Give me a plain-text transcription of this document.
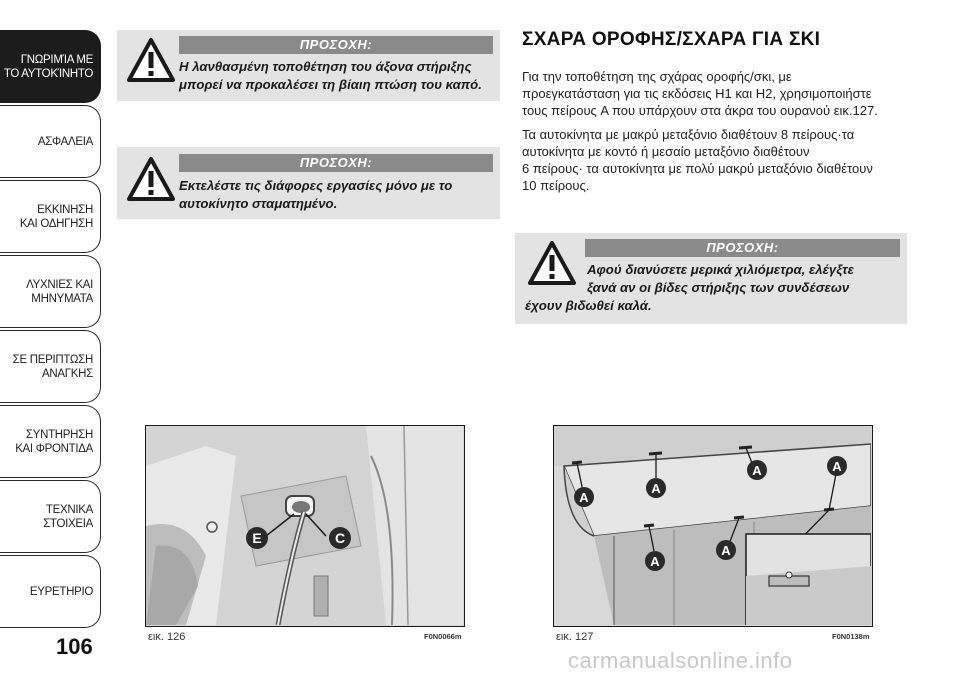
ΓΝΩΡΙΜΊΑ ΜΕ
ΤΟ ΑΥΤΟΚΊΝΗΤΟ
ΑΣΦΑΛΕΙΑ
ΕΚΚΙΝΗΣΗ
ΚΑΙ ΟΔΗΓΗΣΗ
ΛΥΧΝΙΕΣ ΚΑΙ
ΜΗΝΥΜΑΤΑ
ΣΕ ΠΕΡΙΠΤΩΣΗ
ΑΝΑΓΚΗΣ
ΣΥΝΤΗΡΗΣΗ
ΚΑΙ ΦΡΟΝΤΙΔΑ
ΤΕΧΝΙΚΑ
ΣΤΟΙΧΕΙΑ
ΕΥΡΕΤΗΡΙΟ
106
ΠΡΟΣΟΧΗ:
Η λανθασμένη τοποθέτηση του άξονα στήριξης
μπορεί να προκαλέσει τη βίαιη πτώση του καπό.
ΠΡΟΣΟΧΗ:
Εκτελέστε τις διάφορες εργασίες μόνο με το
αυτοκίνητο σταματημένο.
ΣΧΑΡΑ ΟΡΟΦΗΣ/ΣΧΑΡΑ ΓΙΑ ΣΚΙ
Για την τοποθέτηση της σχάρας οροφής/σκι, με
προεγκατάσταση για τις εκδόσεις H1 και H2, χρησιμοποιήστε
τους πείρους A που υπάρχουν στα άκρα του ουρανού εικ.127.
Τα αυτοκίνητα με μακρύ μεταξόνιο διαθέτουν 8 πείρους·τα
αυτοκίνητα με κοντό ή μεσαίο μεταξόνιο διαθέτουν
6 πείρους· τα αυτοκίνητα με πολύ μακρύ μεταξόνιο διαθέτουν
10 πείρους.
ΠΡΟΣΟΧΗ:
Αφού διανύσετε μερικά χιλιόμετρα, ελέγξτε
ξανά αν οι βίδες στήριξης των συνδέσεων
έχουν βιδωθεί καλά.
E	C
εικ. 126	F0N0066m
A
A
A	A
A
A
εικ. 127	F0N0138m
carmanualsonline.info
